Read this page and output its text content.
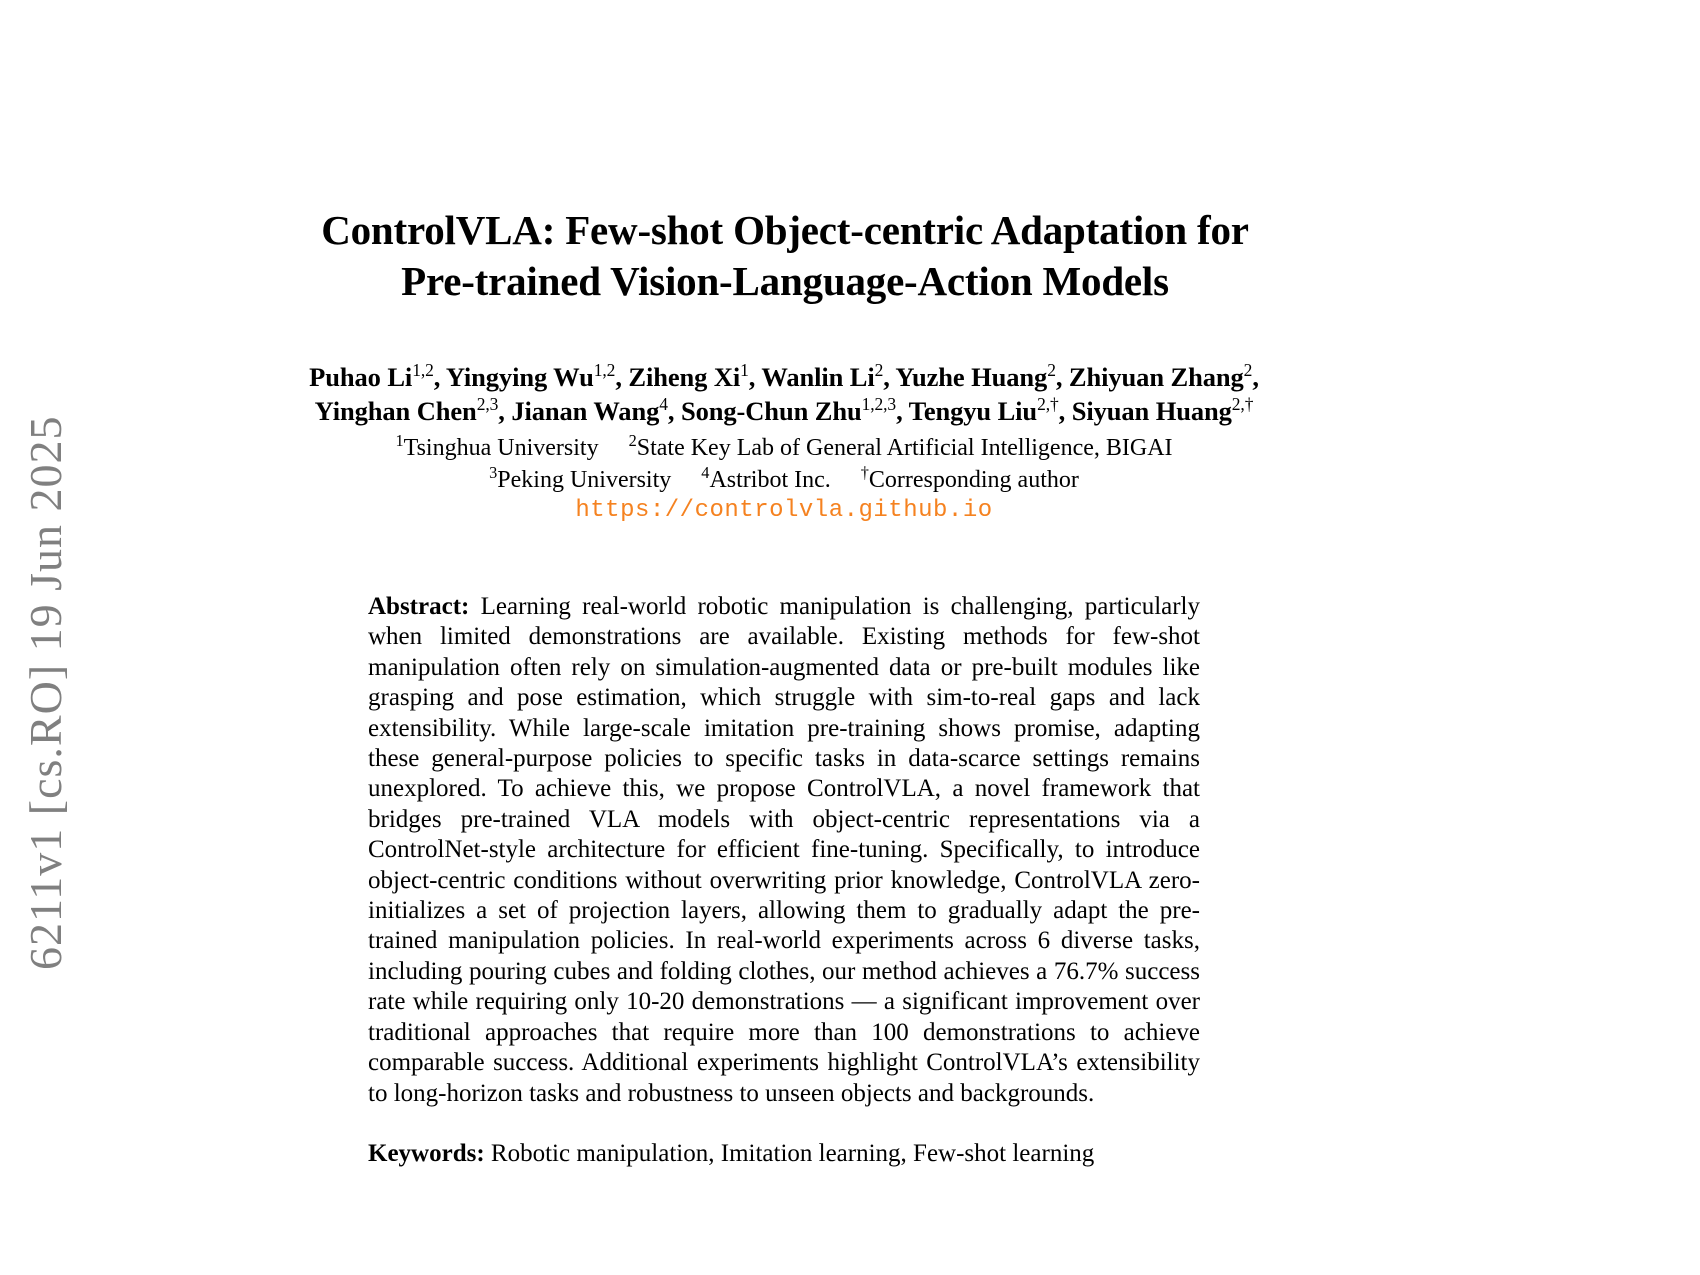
6211v1 [cs.RO] 19 Jun 2025
ControlVLA: Few-shot Object-centric Adaptation for
Pre-trained Vision-Language-Action Models
Puhao Li$^{1,2}$, Yingying Wu$^{1,2}$, Ziheng Xi$^1$, Wanlin Li$^2$, Yuzhe Huang$^2$, Zhiyuan Zhang$^2$,
Yinghan Chen$^{2,3}$, Jianan Wang$^4$, Song-Chun Zhu$^{1,2,3}$, Tengyu Liu$^{2,\dagger}$, Siyuan Huang$^{2,\dagger}$
$^1$Tsinghua University  $^2$State Key Lab of General Artificial Intelligence, BIGAI
$^3$Peking University  $^4$Astribot Inc.  †Corresponding author
https://controlvla.github.io
Abstract: Learning real-world robotic manipulation is challenging, particularly when limited demonstrations are available. Existing methods for few-shot manipulation often rely on simulation-augmented data or pre-built modules like grasping and pose estimation, which struggle with sim-to-real gaps and lack extensibility. While large-scale imitation pre-training shows promise, adapting these general-purpose policies to specific tasks in data-scarce settings remains unexplored. To achieve this, we propose ControlVLA, a novel framework that bridges pre-trained VLA models with object-centric representations via a ControlNet-style architecture for efficient fine-tuning. Specifically, to introduce object-centric conditions without overwriting prior knowledge, ControlVLA zero-initializes a set of projection layers, allowing them to gradually adapt the pre-trained manipulation policies. In real-world experiments across 6 diverse tasks, including pouring cubes and folding clothes, our method achieves a 76.7% success rate while requiring only 10-20 demonstrations — a significant improvement over traditional approaches that require more than 100 demonstrations to achieve comparable success. Additional experiments highlight ControlVLA’s extensibility to long-horizon tasks and robustness to unseen objects and backgrounds.
Keywords: Robotic manipulation, Imitation learning, Few-shot learning
